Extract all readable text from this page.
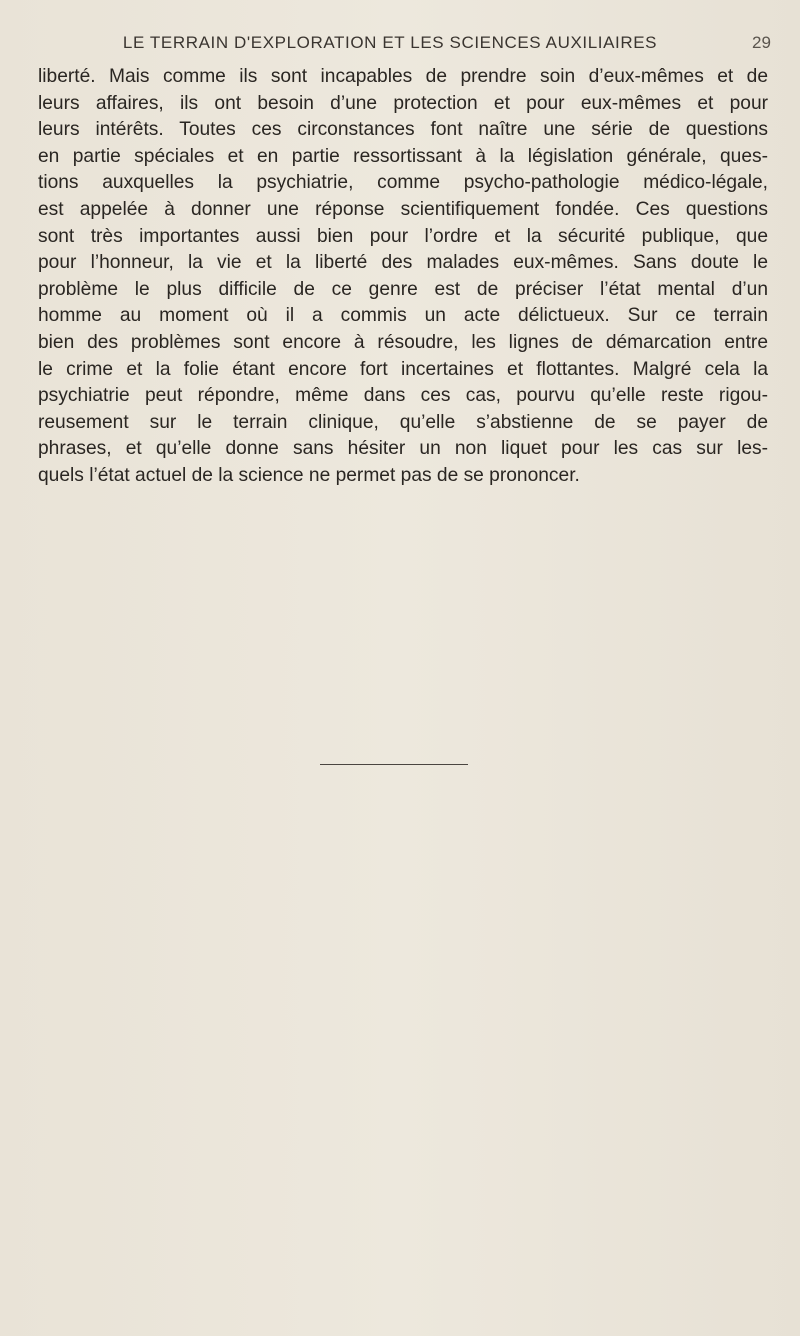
LE TERRAIN D'EXPLORATION ET LES SCIENCES AUXILIAIRES	29
liberté. Mais comme ils sont incapables de prendre soin d’eux-mêmes et de
leurs affaires, ils ont besoin d’une protection et pour eux-mêmes et pour
leurs intérêts. Toutes ces circonstances font naître une série de questions
en partie spéciales et en partie ressortissant à la législation générale, ques-
tions auxquelles la psychiatrie, comme psycho-pathologie médico-légale,
est appelée à donner une réponse scientifiquement fondée. Ces questions
sont très importantes aussi bien pour l’ordre et la sécurité publique, que
pour l’honneur, la vie et la liberté des malades eux-mêmes. Sans doute le
problème le plus difficile de ce genre est de préciser l’état mental d’un
homme au moment où il a commis un acte délictueux. Sur ce terrain
bien des problèmes sont encore à résoudre, les lignes de démarcation entre
le crime et la folie étant encore fort incertaines et flottantes. Malgré cela la
psychiatrie peut répondre, même dans ces cas, pourvu qu’elle reste rigou-
reusement sur le terrain clinique, qu’elle s’abstienne de se payer de
phrases, et qu’elle donne sans hésiter un non liquet pour les cas sur les-
quels l’état actuel de la science ne permet pas de se prononcer.
